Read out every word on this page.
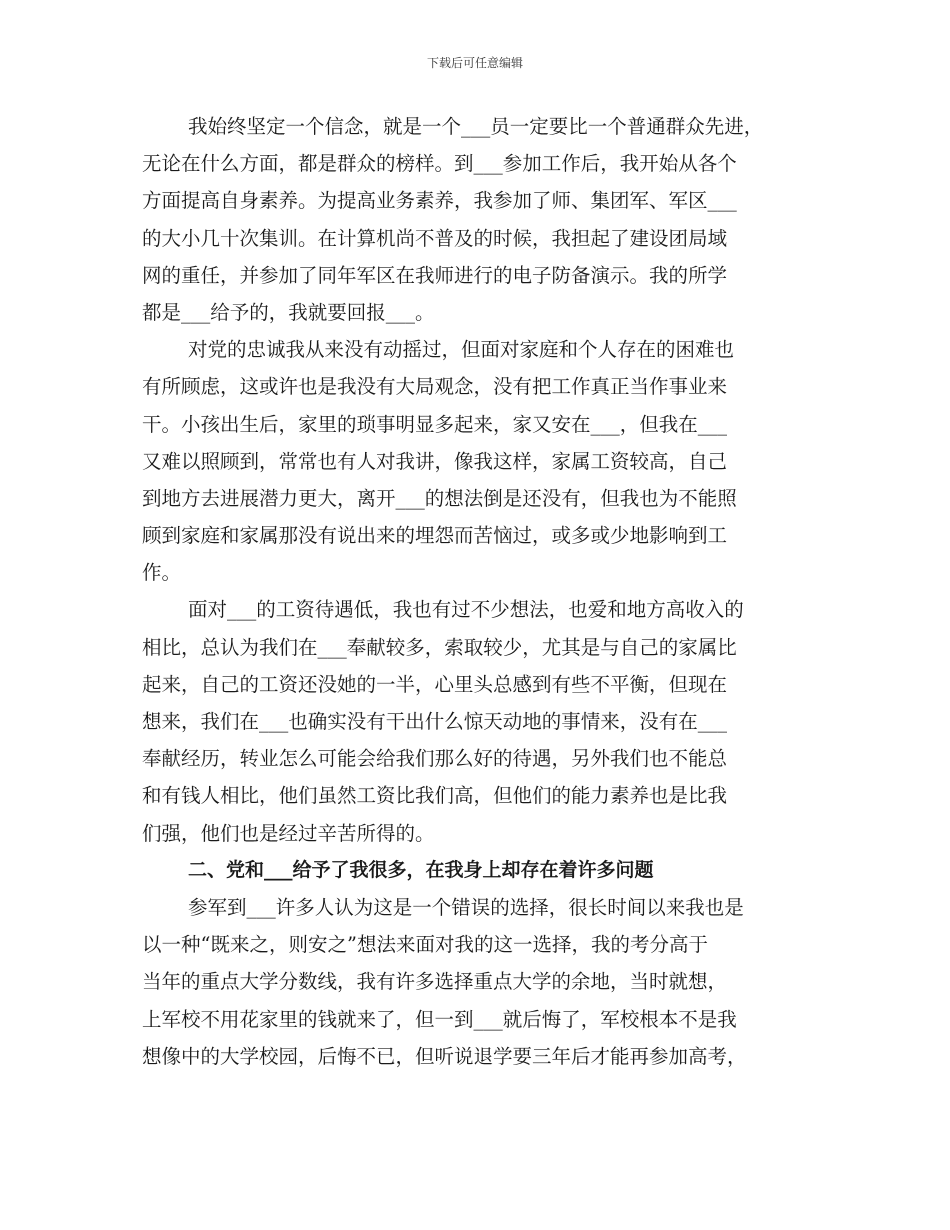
下载后可任意编辑
我始终坚定一个信念，就是一个___员一定要比一个普通群众先进，
无论在什么方面，都是群众的榜样。到___参加工作后，我开始从各个
方面提高自身素养。为提高业务素养，我参加了师、集团军、军区___
的大小几十次集训。在计算机尚不普及的时候，我担起了建设团局域
网的重任，并参加了同年军区在我师进行的电子防备演示。我的所学
都是___给予的，我就要回报___。
对党的忠诚我从来没有动摇过，但面对家庭和个人存在的困难也
有所顾虑，这或许也是我没有大局观念，没有把工作真正当作事业来
干。小孩出生后，家里的琐事明显多起来，家又安在___，但我在___
又难以照顾到，常常也有人对我讲，像我这样，家属工资较高，自己
到地方去进展潜力更大，离开___的想法倒是还没有，但我也为不能照
顾到家庭和家属那没有说出来的埋怨而苦恼过，或多或少地影响到工
作。
面对___的工资待遇低，我也有过不少想法，也爱和地方高收入的
相比，总认为我们在___奉献较多，索取较少，尤其是与自己的家属比
起来，自己的工资还没她的一半，心里头总感到有些不平衡，但现在
想来，我们在___也确实没有干出什么惊天动地的事情来，没有在___
奉献经历，转业怎么可能会给我们那么好的待遇，另外我们也不能总
和有钱人相比，他们虽然工资比我们高，但他们的能力素养也是比我
们强，他们也是经过辛苦所得的。
二、党和___给予了我很多，在我身上却存在着许多问题
参军到___许多人认为这是一个错误的选择，很长时间以来我也是
以一种“既来之，则安之”想法来面对我的这一选择，我的考分高于
当年的重点大学分数线，我有许多选择重点大学的余地，当时就想，
上军校不用花家里的钱就来了，但一到___就后悔了，军校根本不是我
想像中的大学校园，后悔不已，但听说退学要三年后才能再参加高考，
